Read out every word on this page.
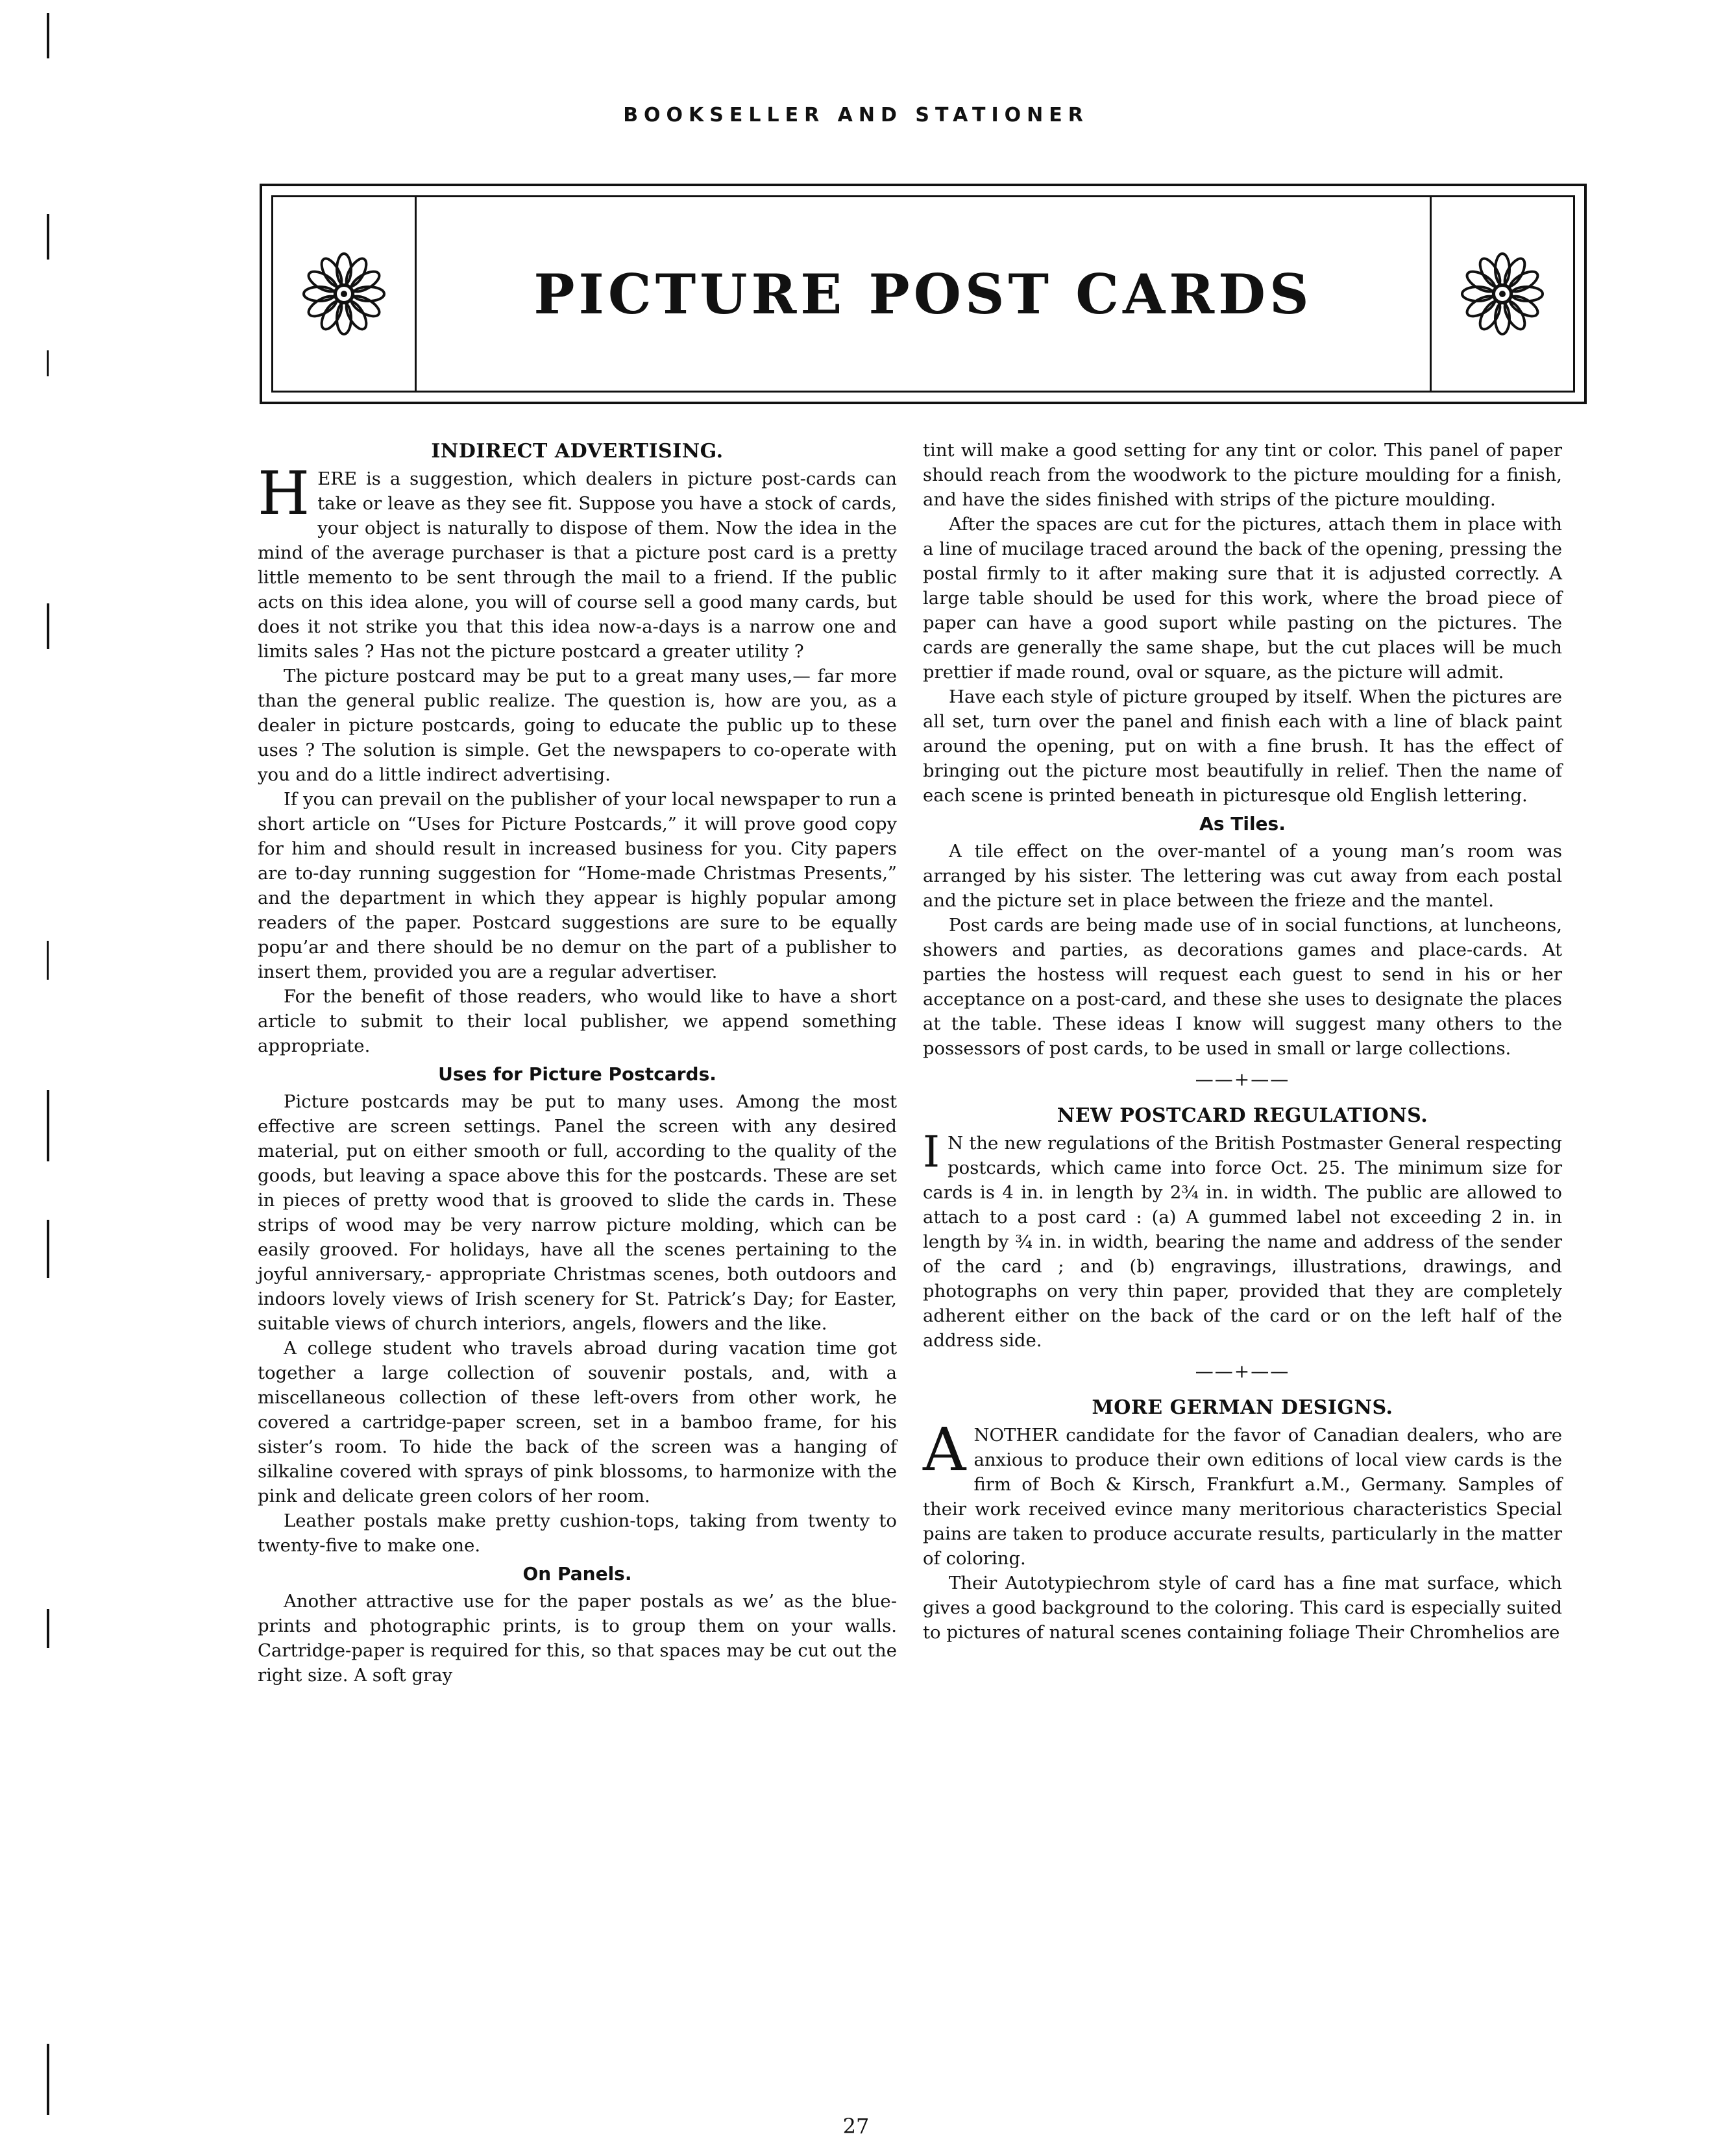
BOOKSELLER AND STATIONER
PICTURE POST CARDS
INDIRECT ADVERTISING.

HERE is a suggestion, which dealers in picture post-cards can take or leave as they see fit. Suppose you have a stock of cards, your object is naturally to dispose of them. Now the idea in the mind of the average purchaser is that a picture post card is a pretty little memento to be sent through the mail to a friend. If the public acts on this idea alone, you will of course sell a good many cards, but does it not strike you that this idea now-a-days is a narrow one and limits sales ? Has not the picture postcard a greater utility ?

The picture postcard may be put to a great many uses,— far more than the general public realize. The question is, how are you, as a dealer in picture postcards, going to educate the public up to these uses ? The solution is simple. Get the newspapers to co-operate with you and do a little indirect advertising.

If you can prevail on the publisher of your local newspaper to run a short article on “Uses for Picture Postcards,” it will prove good copy for him and should result in increased business for you. City papers are to-day running suggestion for “Home-made Christmas Presents,” and the department in which they appear is highly popular among readers of the paper. Postcard suggestions are sure to be equally popu’ar and there should be no demur on the part of a publisher to insert them, provided you are a regular advertiser.

For the benefit of those readers, who would like to have a short article to submit to their local publisher, we append something appropriate.

Uses for Picture Postcards.

Picture postcards may be put to many uses. Among the most effective are screen settings. Panel the screen with any desired material, put on either smooth or full, according to the quality of the goods, but leaving a space above this for the postcards. These are set in pieces of pretty wood that is grooved to slide the cards in. These strips of wood may be very narrow picture molding, which can be easily grooved. For holidays, have all the scenes pertaining to the joyful anniversary,- appropriate Christmas scenes, both outdoors and indoors lovely views of Irish scenery for St. Patrick’s Day; for Easter, suitable views of church interiors, angels, flowers and the like.

A college student who travels abroad during vacation time got together a large collection of souvenir postals, and, with a miscellaneous collection of these left-overs from other work, he covered a cartridge-paper screen, set in a bamboo frame, for his sister’s room. To hide the back of the screen was a hanging of silkaline covered with sprays of pink blossoms, to harmonize with the pink and delicate green colors of her room.

Leather postals make pretty cushion-tops, taking from twenty to twenty-five to make one.

On Panels.

Another attractive use for the paper postals as we’ as the blue-prints and photographic prints, is to group them on your walls. Cartridge-paper is required for this, so that spaces may be cut out the right size. A soft gray

tint will make a good setting for any tint or color. This panel of paper should reach from the woodwork to the picture moulding for a finish, and have the sides finished with strips of the picture moulding.

After the spaces are cut for the pictures, attach them in place with a line of mucilage traced around the back of the opening, pressing the postal firmly to it after making sure that it is adjusted correctly. A large table should be used for this work, where the broad piece of paper can have a good suport while pasting on the pictures. The cards are generally the same shape, but the cut places will be much prettier if made round, oval or square, as the picture will admit.

Have each style of picture grouped by itself. When the pictures are all set, turn over the panel and finish each with a line of black paint around the opening, put on with a fine brush. It has the effect of bringing out the picture most beautifully in relief. Then the name of each scene is printed beneath in picturesque old English lettering.

As Tiles.

A tile effect on the over-mantel of a young man’s room was arranged by his sister. The lettering was cut away from each postal and the picture set in place between the frieze and the mantel.

Post cards are being made use of in social functions, at luncheons, showers and parties, as decorations games and place-cards. At parties the hostess will request each guest to send in his or her acceptance on a post-card, and these she uses to designate the places at the table. These ideas I know will suggest many others to the possessors of post cards, to be used in small or large collections.

——+——
NEW POSTCARD REGULATIONS.

I N the new regulations of the British Postmaster General respecting postcards, which came into force Oct. 25. The minimum size for cards is 4 in. in length by 2¾ in. in width. The public are allowed to attach to a post card : (a) A gummed label not exceeding 2 in. in length by ¾ in. in width, bearing the name and address of the sender of the card ; and (b) engravings, illustrations, drawings, and photographs on very thin paper, provided that they are completely adherent either on the back of the card or on the left half of the address side.

——+——
MORE GERMAN DESIGNS.

ANOTHER candidate for the favor of Canadian dealers, who are anxious to produce their own editions of local view cards is the firm of Boch & Kirsch, Frankfurt a.M., Germany. Samples of their work received evince many meritorious characteristics Special pains are taken to produce accurate results, particularly in the matter of coloring.

Their Autotypiechrom style of card has a fine mat surface, which gives a good background to the coloring. This card is especially suited to pictures of natural scenes containing foliage Their Chromhelios are

27
